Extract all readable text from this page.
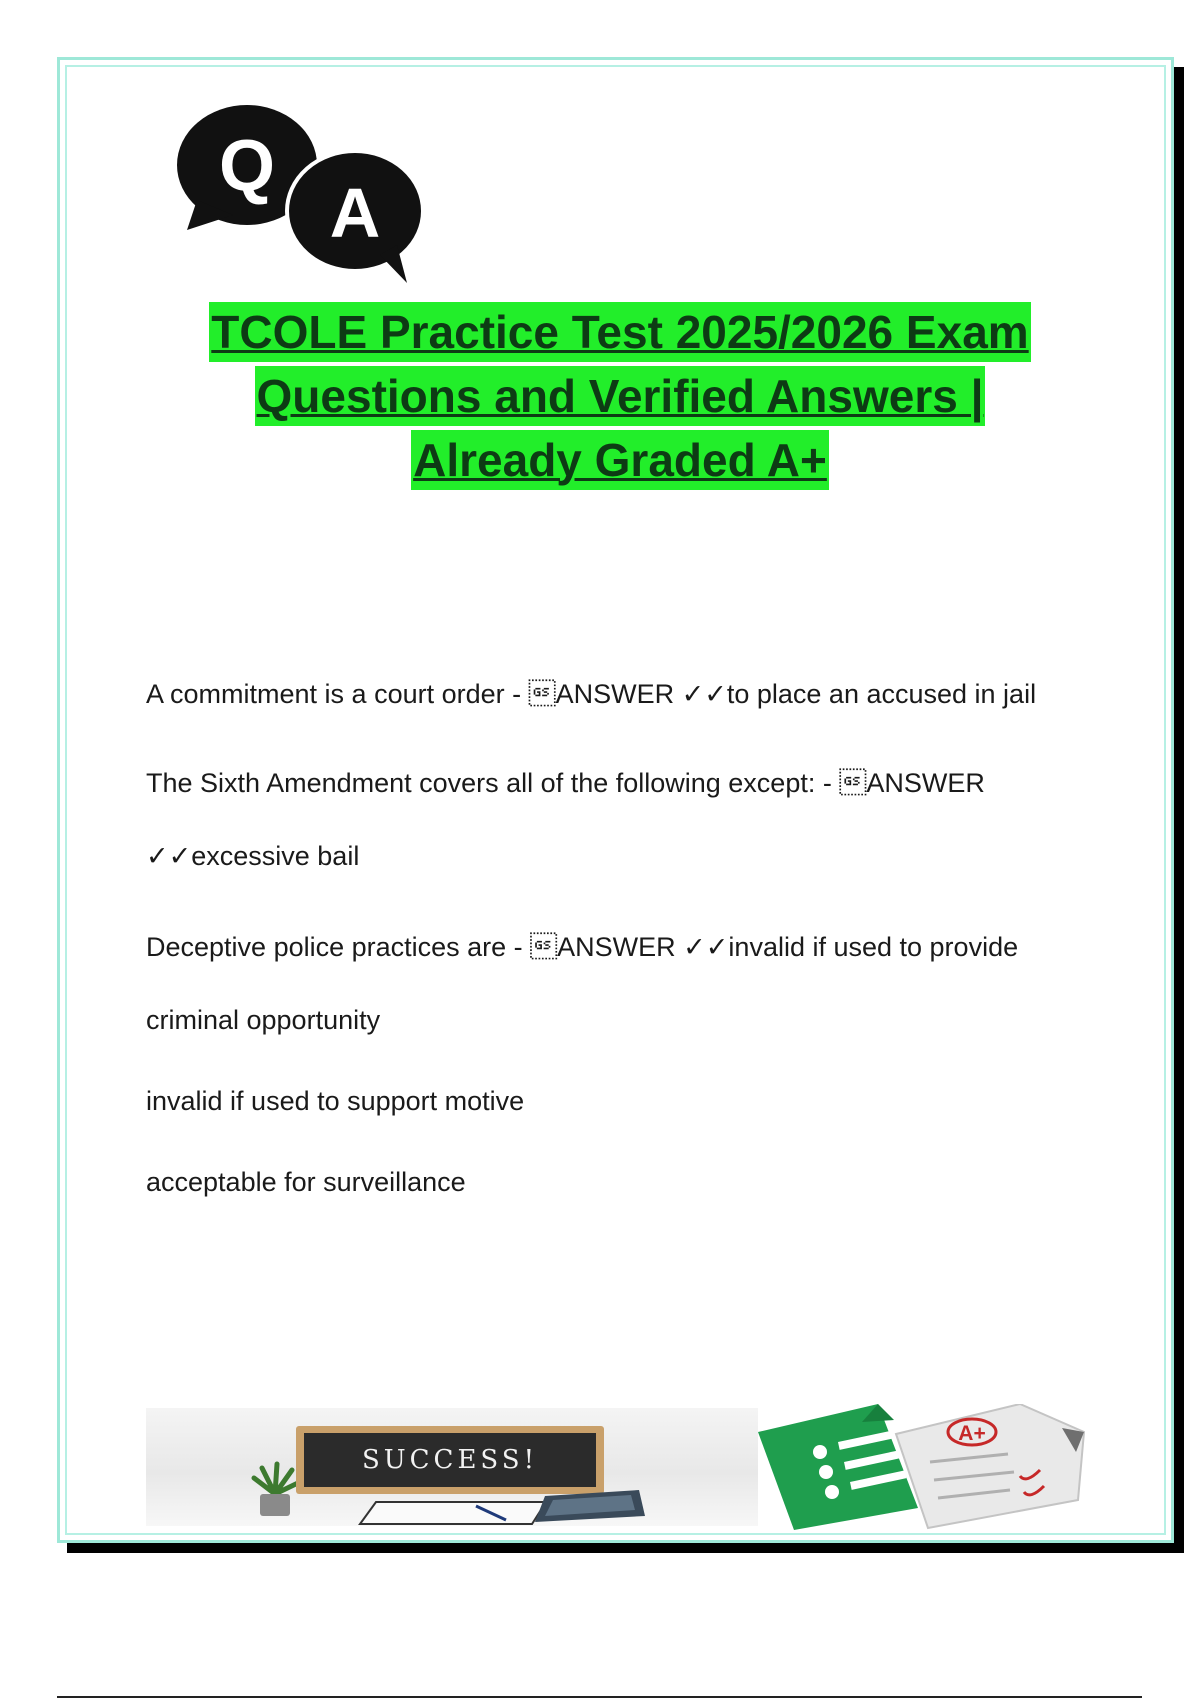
Q
A
TCOLE Practice Test 2025/2026 Exam
Questions and Verified Answers |
Already Graded A+

A commitment is a court order - ANSWER ✓✓to place an accused in jail

The Sixth Amendment covers all of the following except: - ANSWER

✓✓excessive bail

Deceptive police practices are - ANSWER ✓✓invalid if used to provide

criminal opportunity

invalid if used to support motive

acceptable for surveillance

SUCCESS!
A+
